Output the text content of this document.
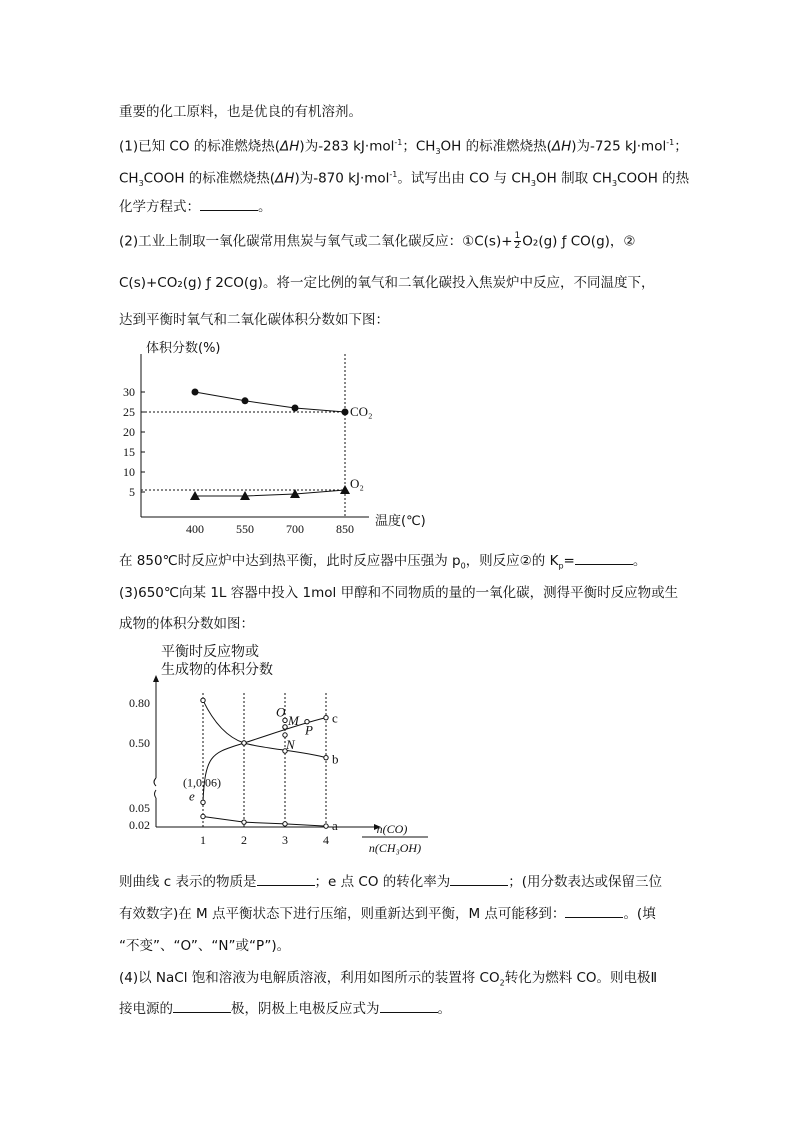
重要的化工原料，也是优良的有机溶剂。
(1)已知 CO 的标准燃烧热(ΔH)为-283 kJ·mol$^{-1}$；$CH_3OH$ 的标准燃烧热(ΔH)为-725 kJ·mol$^{-1}$；
$CH_3COOH$ 的标准燃烧热(ΔH)为-870 kJ·mol$^{-1}$。试写出由 CO 与 $CH_3OH$ 制取 $CH_3COOH$ 的热
化学方程式：	。
(2)工业上制取一氧化碳常用焦炭与氧气或二氧化碳反应：①C(s)+ $\frac{1}{2} O_2(g)$ ƒ CO(g)，②
C(s)+CO₂(g) ƒ 2CO(g)。将一定比例的氧气和二氧化碳投入焦炭炉中反应，不同温度下，
达到平衡时氧气和二氧化碳体积分数如下图：
体积分数(%)
温度(℃)
5
10
15
20
25
30
400	550	700	850
CO₂
O₂
在 850℃时反应炉中达到热平衡，此时反应器中压强为 $p_0$，则反应②的 $K_p=$	。
(3)650℃向某 1L 容器中投入 1mol 甲醇和不同物质的量的一氧化碳，测得平衡时反应物或生
成物的体积分数如图：
平衡时反应物或
生成物的体积分数
0.80
0.50
0.05
0.02
1	2	3	4
n(CO)
n(CH₃OH)
b
c
a
O
M
N
P
e
(1,0.06)
则曲线 c 表示的物质是	；e 点 CO 的转化率为	；(用分数表达或保留三位
有效数字)在 M 点平衡状态下进行压缩，则重新达到平衡，M 点可能移到：	。(填
“不变”、“O”、“N”或“P”)。
(4)以 NaCl 饱和溶液为电解质溶液，利用如图所示的装置将 $CO_2$转化为燃料 CO。则电极Ⅱ
接电源的	极，阴极上电极反应式为	。
